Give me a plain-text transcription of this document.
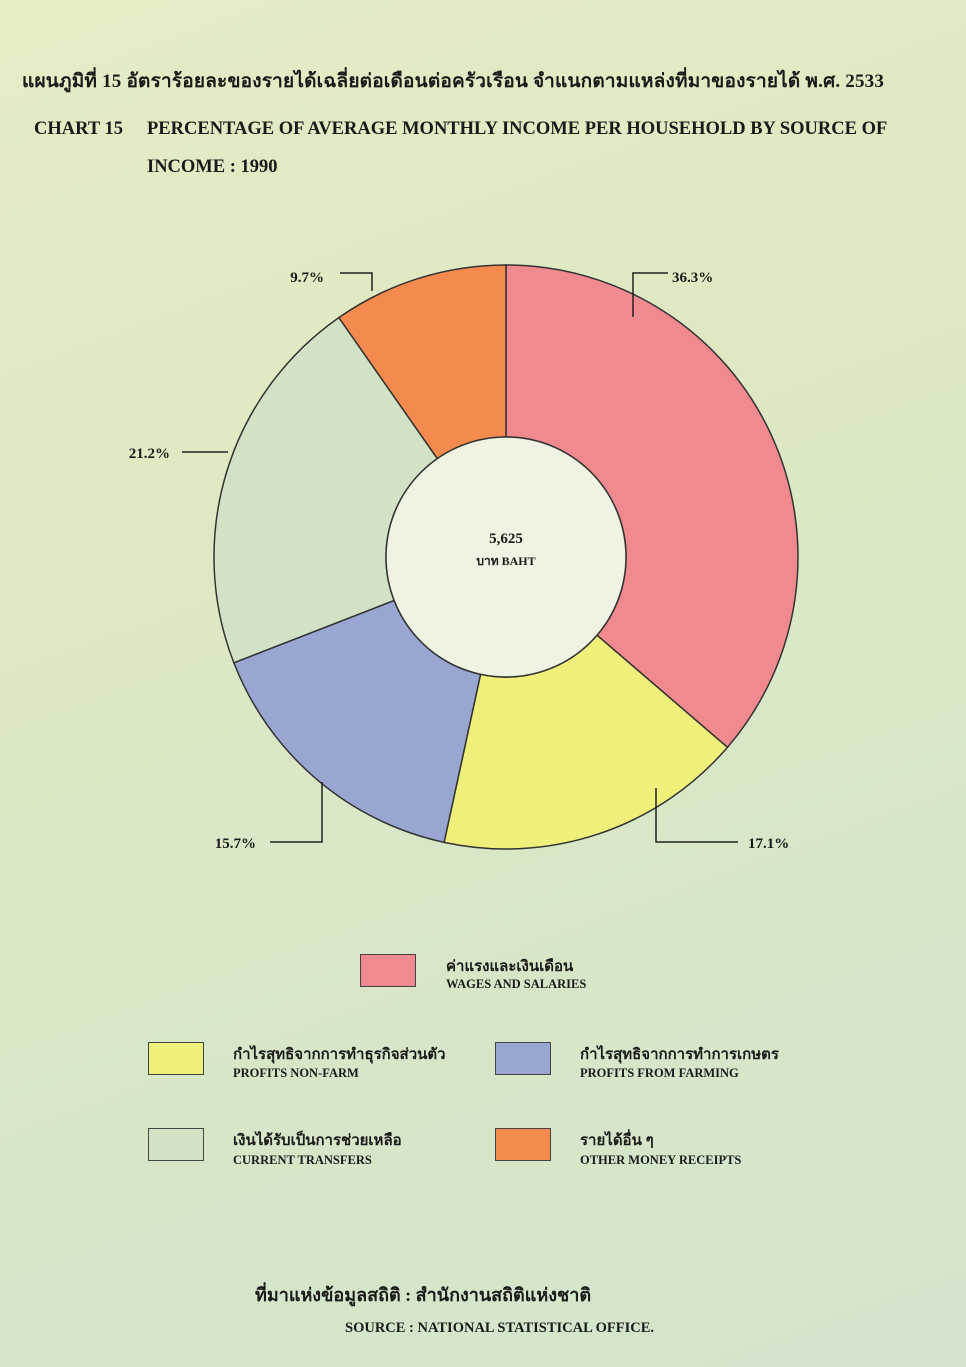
แผนภูมิที่ 15 อัตราร้อยละของรายได้เฉลี่ยต่อเดือนต่อครัวเรือน จำแนกตามแหล่งที่มาของรายได้ พ.ศ. 2533
CHART 15 PERCENTAGE OF AVERAGE MONTHLY INCOME PER HOUSEHOLD BY SOURCE OF
INCOME : 1990
5,625
บาท BAHT
36.3%
17.1%
15.7%
21.2%
9.7%
ค่าแรงและเงินเดือน
WAGES AND SALARIES
กำไรสุทธิจากการทำธุรกิจส่วนตัว
PROFITS NON-FARM
กำไรสุทธิจากการทำการเกษตร
PROFITS FROM FARMING
เงินได้รับเป็นการช่วยเหลือ
CURRENT TRANSFERS
รายได้อื่น ๆ
OTHER MONEY RECEIPTS
ที่มาแห่งข้อมูลสถิติ : สำนักงานสถิติแห่งชาติ
SOURCE : NATIONAL STATISTICAL OFFICE.
